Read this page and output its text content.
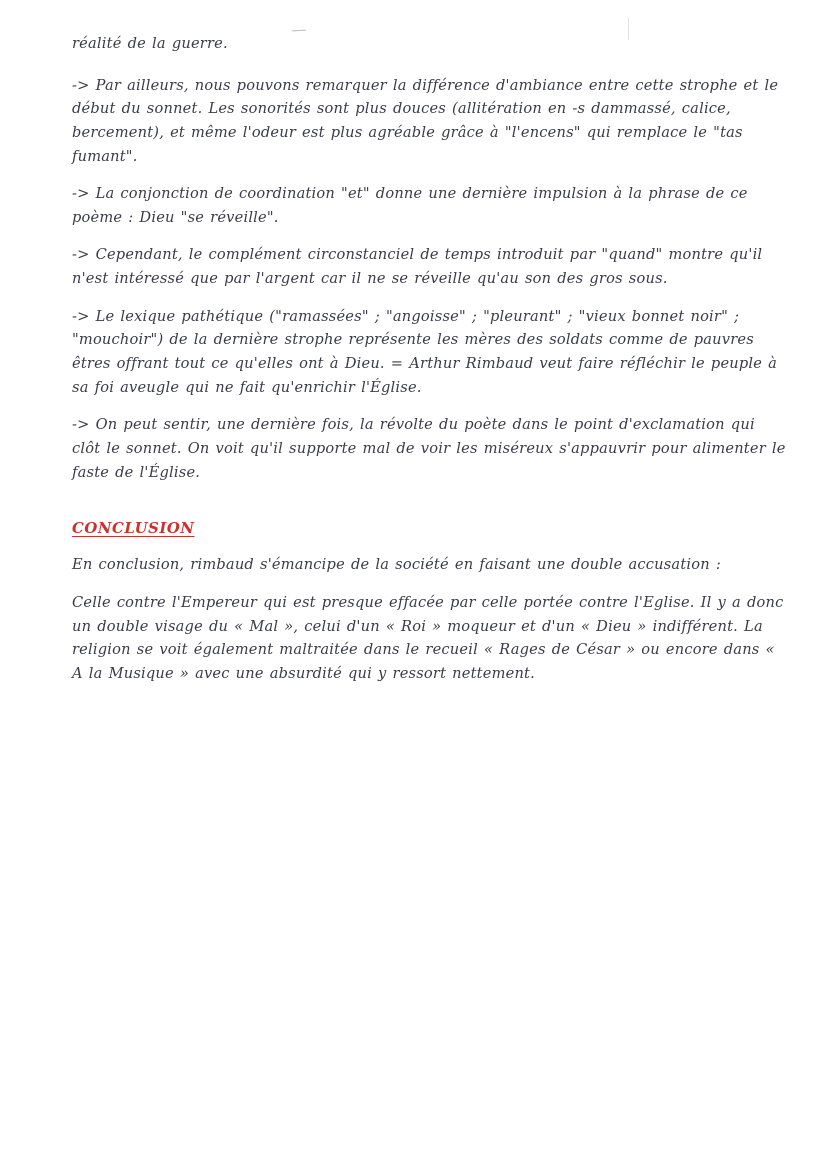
réalité de la guerre.

-> Par ailleurs, nous pouvons remarquer la différence d'ambiance entre cette strophe et le début du sonnet. Les sonorités sont plus douces (allitération en -s dammassé, calice, bercement), et même l'odeur est plus agréable grâce à "l'encens" qui remplace le "tas fumant".

-> La conjonction de coordination "et" donne une dernière impulsion à la phrase de ce poème : Dieu "se réveille".

-> Cependant, le complément circonstanciel de temps introduit par "quand" montre qu'il n'est intéressé que par l'argent car il ne se réveille qu'au son des gros sous.

-> Le lexique pathétique ("ramassées" ; "angoisse" ; "pleurant" ; "vieux bonnet noir" ; "mouchoir") de la dernière strophe représente les mères des soldats comme de pauvres êtres offrant tout ce qu'elles ont à Dieu. = Arthur Rimbaud veut faire réfléchir le peuple à sa foi aveugle qui ne fait qu'enrichir l'Église.

-> On peut sentir, une dernière fois, la révolte du poète dans le point d'exclamation qui clôt le sonnet. On voit qu'il supporte mal de voir les miséreux s'appauvrir pour alimenter le faste de l'Église.

CONCLUSION

En conclusion, rimbaud s'émancipe de la société en faisant une double accusation :

Celle contre l'Empereur qui est presque effacée par celle portée contre l'Eglise. Il y a donc un double visage du « Mal », celui d'un « Roi » moqueur et d'un « Dieu » indifférent. La religion se voit également maltraitée dans le recueil « Rages de César » ou encore dans « A la Musique » avec une absurdité qui y ressort nettement.
